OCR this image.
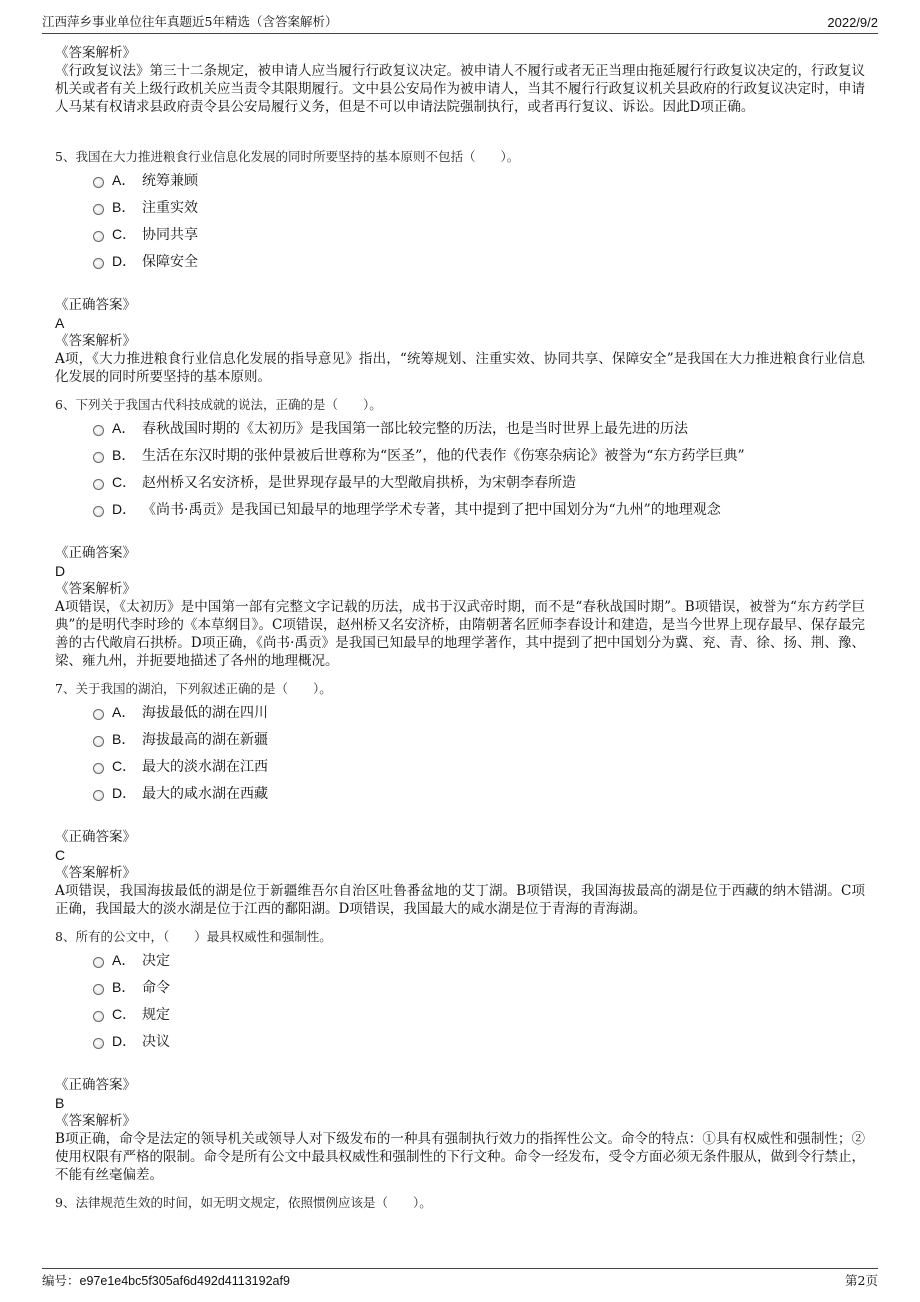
江西萍乡事业单位往年真题近5年精选（含答案解析）	2022/9/2
《答案解析》
《行政复议法》第三十二条规定，被申请人应当履行行政复议决定。被申请人不履行或者无正当理由拖延履行行政复议决定的，行政复议机关或者有关上级行政机关应当责令其限期履行。文中县公安局作为被申请人，当其不履行行政复议机关县政府的行政复议决定时，申请人马某有权请求县政府责令县公安局履行义务，但是不可以申请法院强制执行，或者再行复议、诉讼。因此D项正确。
5、我国在大力推进粮食行业信息化发展的同时所要坚持的基本原则不包括（　　）。
A． 统筹兼顾
B． 注重实效
C． 协同共享
D． 保障安全
《正确答案》
A
《答案解析》
A项，《大力推进粮食行业信息化发展的指导意见》指出，“统筹规划、注重实效、协同共享、保障安全”是我国在大力推进粮食行业信息化发展的同时所要坚持的基本原则。
6、下列关于我国古代科技成就的说法，正确的是（　　）。
A． 春秋战国时期的《太初历》是我国第一部比较完整的历法，也是当时世界上最先进的历法
B． 生活在东汉时期的张仲景被后世尊称为“医圣”，他的代表作《伤寒杂病论》被誉为“东方药学巨典”
C． 赵州桥又名安济桥，是世界现存最早的大型敞肩拱桥，为宋朝李春所造
D． 《尚书·禹贡》是我国已知最早的地理学学术专著，其中提到了把中国划分为“九州”的地理观念
《正确答案》
D
《答案解析》
A项错误，《太初历》是中国第一部有完整文字记载的历法，成书于汉武帝时期，而不是“春秋战国时期”。B项错误，被誉为“东方药学巨典”的是明代李时珍的《本草纲目》。C项错误，赵州桥又名安济桥，由隋朝著名匠师李春设计和建造，是当今世界上现存最早、保存最完善的古代敞肩石拱桥。D项正确，《尚书·禹贡》是我国已知最早的地理学著作，其中提到了把中国划分为冀、兖、青、徐、扬、荆、豫、梁、雍九州，并扼要地描述了各州的地理概况。
7、关于我国的湖泊，下列叙述正确的是（　　）。
A． 海拔最低的湖在四川
B． 海拔最高的湖在新疆
C． 最大的淡水湖在江西
D． 最大的咸水湖在西藏
《正确答案》
C
《答案解析》
A项错误，我国海拔最低的湖是位于新疆维吾尔自治区吐鲁番盆地的艾丁湖。B项错误，我国海拔最高的湖是位于西藏的纳木错湖。C项正确，我国最大的淡水湖是位于江西的鄱阳湖。D项错误，我国最大的咸水湖是位于青海的青海湖。
8、所有的公文中，（　　）最具权威性和强制性。
A． 决定
B． 命令
C． 规定
D． 决议
《正确答案》
B
《答案解析》
B项正确，命令是法定的领导机关或领导人对下级发布的一种具有强制执行效力的指挥性公文。命令的特点：①具有权威性和强制性；②使用权限有严格的限制。命令是所有公文中最具权威性和强制性的下行文种。命令一经发布，受令方面必须无条件服从，做到令行禁止，不能有丝毫偏差。
9、法律规范生效的时间，如无明文规定，依照惯例应该是（　　）。
编号：e97e1e4bc5f305af6d492d4113192af9	第2页
